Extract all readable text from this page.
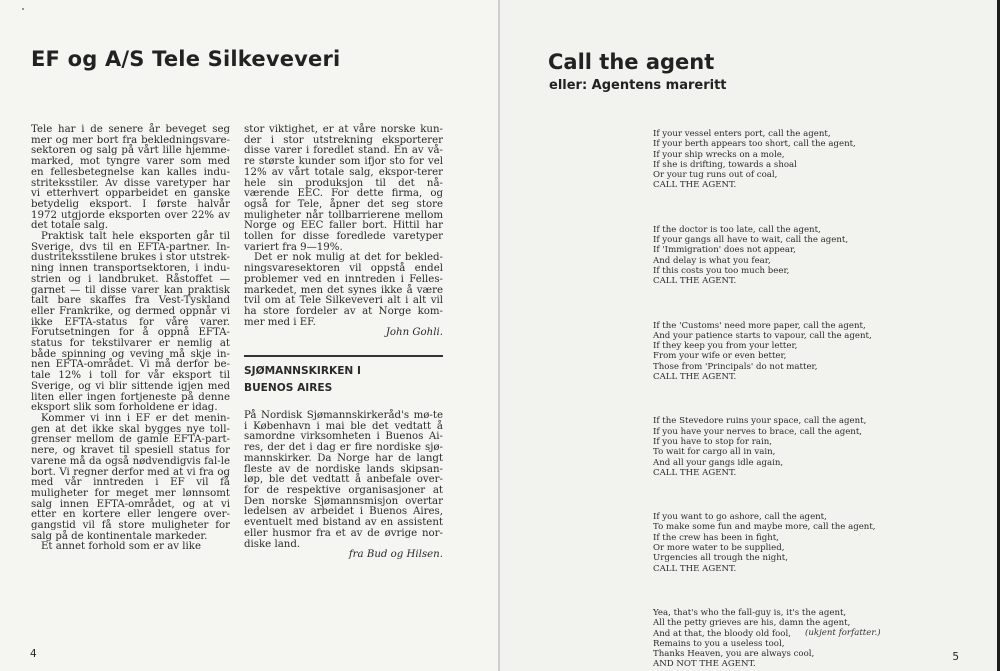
EF og A/S Tele Silkeveveri

Tele har i de senere år beveget seg mer og mer bort fra bekledningsvare-sektoren og salg på vårt lille hjemme-marked, mot tyngre varer som med en fellesbetegnelse kan kalles indu-striteksstiler. Av disse varetyper har vi etterhvert opparbeidet en ganske betydelig eksport. I første halvår 1972 utgjorde eksporten over 22% av det totale salg.

Praktisk talt hele eksporten går til Sverige, dvs til en EFTA-partner. In-dustriteksstilene brukes i stor utstrek-ning innen transportsektoren, i indu-strien og i landbruket. Råstoffet — garnet — til disse varer kan praktisk talt bare skaffes fra Vest-Tyskland eller Frankrike, og dermed oppnår vi ikke EFTA-status for våre varer. Forutsetningen for å oppnå EFTA-status for tekstilvarer er nemlig at både spinning og veving må skje in-nen EFTA-området. Vi må derfor be-tale 12% i toll for vår eksport til Sverige, og vi blir sittende igjen med liten eller ingen fortjeneste på denne eksport slik som forholdene er idag.

Kommer vi inn i EF er det menin-gen at det ikke skal bygges nye toll-grenser mellom de gamle EFTA-part-nere, og kravet til spesiell status for varene må da også nødvendigvis fal-le bort. Vi regner derfor med at vi fra og med vår inntreden i EF vil få muligheter for meget mer lønnsomt salg innen EFTA-området, og at vi etter en kortere eller lengere over-gangstid vil få store muligheter for salg på de kontinentale markeder.

Et annet forhold som er av like

stor viktighet, er at våre norske kun-der i stor utstrekning eksporterer disse varer i foredlet stand. En av vå-re største kunder som ifjor sto for vel 12% av vårt totale salg, ekspor-terer hele sin produksjon til det nå-værende EEC. For dette firma, og også for Tele, åpner det seg store muligheter når tollbarrierene mellom Norge og EEC faller bort. Hittil har tollen for disse foredlede varetyper variert fra 9—19%.

Det er nok mulig at det for bekled-ningsvaresektoren vil oppstå endel problemer ved en inntreden i Felles-markedet, men det synes ikke å være tvil om at Tele Silkeveveri alt i alt vil ha store fordeler av at Norge kom-mer med i EF.

John Gohli.

SJØMANNSKIRKEN I
BUENOS AIRES

På Nordisk Sjømannskirkeråd's mø-te i København i mai ble det vedtatt å samordne virksomheten i Buenos Ai-res, der det i dag er fire nordiske sjø-mannskirker. Da Norge har de langt fleste av de nordiske lands skipsan-løp, ble det vedtatt å anbefale over-for de respektive organisasjoner at Den norske Sjømannsmisjon overtar ledelsen av arbeidet i Buenos Aires, eventuelt med bistand av en assistent eller husmor fra et av de øvrige nor-diske land.

fra Bud og Hilsen.

4
Call the agent
eller: Agentens mareritt
If your vessel enters port, call the agent,
If your berth appears too short, call the agent,
If your ship wrecks on a mole,
If she is drifting, towards a shoal
Or your tug runs out of coal,
CALL THE AGENT.
If the doctor is too late, call the agent,
If your gangs all have to wait, call the agent,
If 'Immigration' does not appear,
And delay is what you fear,
If this costs you too much beer,
CALL THE AGENT.
If the 'Customs' need more paper, call the agent,
And your patience starts to vapour, call the agent,
If they keep you from your letter,
From your wife or even better,
Those from 'Principals' do not matter,
CALL THE AGENT.
If the Stevedore ruins your space, call the agent,
If you have your nerves to brace, call the agent,
If you have to stop for rain,
To wait for cargo all in vain,
And all your gangs idle again,
CALL THE AGENT.
If you want to go ashore, call the agent,
To make some fun and maybe more, call the agent,
If the crew has been in fight,
Or more water to be supplied,
Urgencies all trough the night,
CALL THE AGENT.
Yea, that's who the fall-guy is, it's the agent,
All the petty grieves are his, damn the agent,
And at that, the bloody old fool,
Remains to you a useless tool,
Thanks Heaven, you are always cool,
AND NOT THE AGENT.
(ukjent forfatter.)
5
